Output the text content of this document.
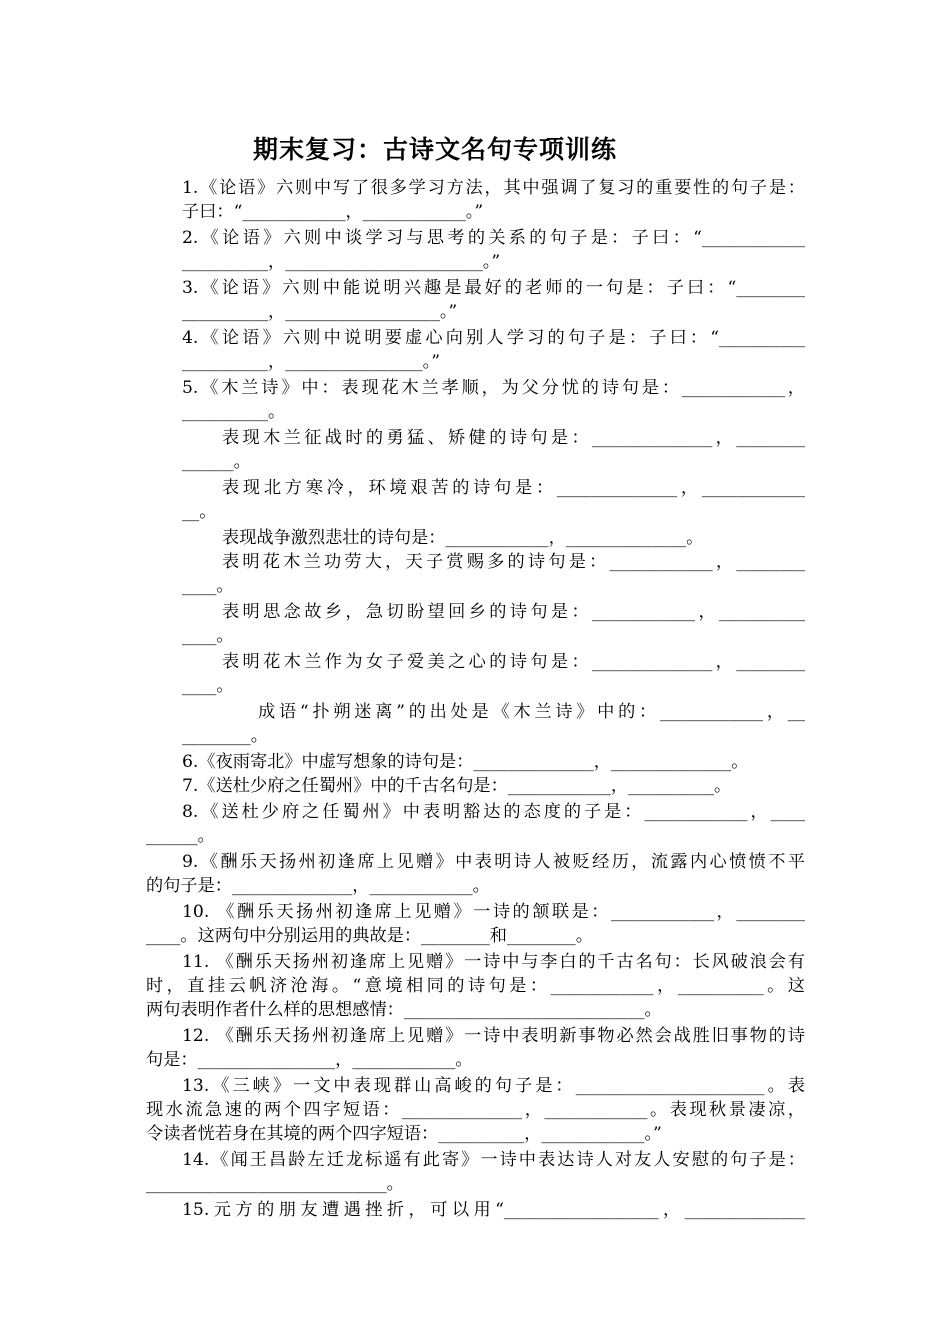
期末复习：古诗文名句专项训练
1.《论语》六则中写了很多学习方法，其中强调了复习的重要性的句子是：
子曰：“____________，____________。”
2.《论语》六则中谈学习与思考的关系的句子是：子曰：“____________
__________，_______________________。”
3.《论语》六则中能说明兴趣是最好的老师的一句是：子曰：“________
__________，__________________。”
4.《论语》六则中说明要虚心向别人学习的句子是：子曰：“__________
__________，________________。”
5.《木兰诗》中：表现花木兰孝顺，为父分忧的诗句是：____________，
__________。
表现木兰征战时的勇猛、矫健的诗句是：______________，________
______。
表现北方寒冷，环境艰苦的诗句是：______________，____________
__。
表现战争激烈悲壮的诗句是：____________，______________。
表明花木兰功劳大，天子赏赐多的诗句是：____________，________
____。
表明思念故乡，急切盼望回乡的诗句是：____________，__________
____。
表明花木兰作为女子爱美之心的诗句是：______________，________
____。
成语“扑朔迷离”的出处是《木兰诗》中的：____________，__
________。
6.《夜雨寄北》中虚写想象的诗句是：______________，______________。
7.《送杜少府之任蜀州》中的千古名句是：____________，__________。
8.《送杜少府之任蜀州》中表明豁达的态度的子是：____________，____
______。
9.《酬乐天扬州初逢席上见赠》中表明诗人被贬经历，流露内心愤愤不平
的句子是：______________，____________。
10. 《酬乐天扬州初逢席上见赠》一诗的颔联是：____________，________
____。这两句中分别运用的典故是：________和________。
11. 《酬乐天扬州初逢席上见赠》一诗中与李白的千古名句：长风破浪会有
时，直挂云帆济沧海。“意境相同的诗句是：____________，__________。这
两句表明作者什么样的思想感情：____________________________。
12. 《酬乐天扬州初逢席上见赠》一诗中表明新事物必然会战胜旧事物的诗
句是：________________，____________。
13.《三峡》一文中表现群山高峻的句子是：______________________。表
现水流急速的两个四字短语：______________，____________。表现秋景凄凉，
令读者恍若身在其境的两个四字短语：__________，____________。”
14.《闻王昌龄左迁龙标遥有此寄》一诗中表达诗人对友人安慰的句子是：
____________________________。
15.元方的朋友遭遇挫折，可以用“__________________，______________
